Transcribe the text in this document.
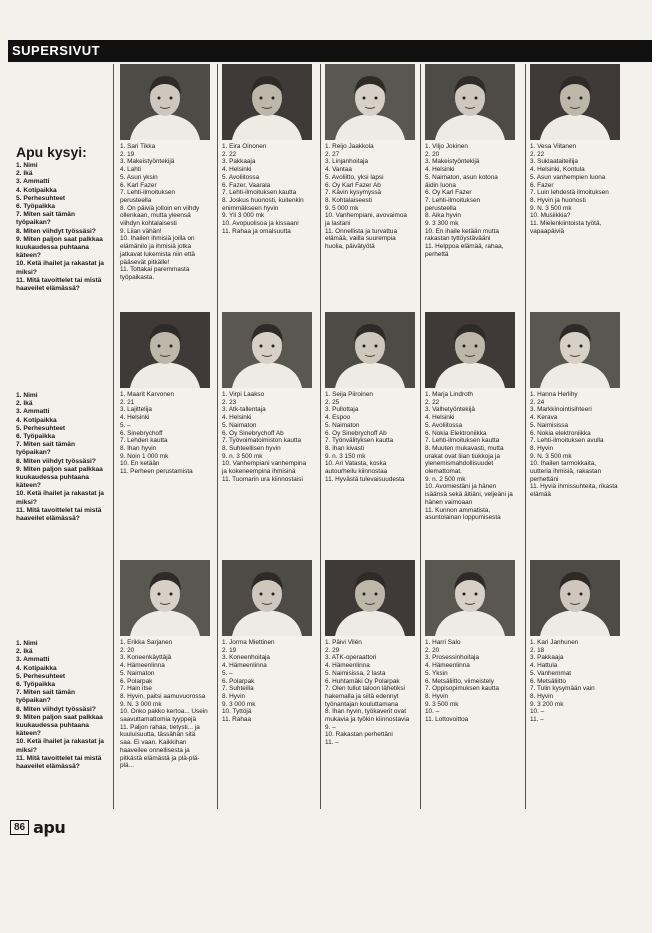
SUPERSIVUT
Apu kysyi:
1. Nimi
2. Ikä
3. Ammatti
4. Kotipaikka
5. Perhesuhteet
6. Työpaikka
7. Miten sait tämän työpaikan?
8. Miten viihdyt työssäsi?
9. Miten paljon saat palkkaa kuukaudessa puhtaana käteen?
10. Ketä ihailet ja rakastat ja miksi?
11. Mitä tavoittelet tai mistä haaveilet elämässä?
1. Nimi
2. Ikä
3. Ammatti
4. Kotipaikka
5. Perhesuhteet
6. Työpaikka
7. Miten sait tämän työpaikan?
8. Miten viihdyt työssäsi?
9. Miten paljon saat palkkaa kuukaudessa puhtaana käteen?
10. Ketä ihailet ja rakastat ja miksi?
11. Mitä tavoittelet tai mistä haaveilet elämässä?
1. Nimi
2. Ikä
3. Ammatti
4. Kotipaikka
5. Perhesuhteet
6. Työpaikka
7. Miten sait tämän työpaikan?
8. Miten viihdyt työssäsi?
9. Miten paljon saat palkkaa kuukaudessa puhtaana käteen?
10. Ketä ihailet ja rakastat ja miksi?
11. Mitä tavoittelet tai mistä haaveilet elämässä?
1. Sari Tikka
2. 19
3. Makeistyöntekijä
4. Lahti
5. Asun yksin
6. Karl Fazer
7. Lehti-ilmoituksen perusteella
8. On päiviä jolloin en viihdy ollenkaan, mutta yleensä viihdyn kohtalaisesti
9. Liian vähän!
10. Ihailen ihmisiä joilla on elämänilo ja ihmisiä jotka jatkavat lukemista niin että pääsevät pitkälle!
11. Tottakai paremmasta työpaikasta.
1. Eira Oinonen
2. 22
3. Pakkaaja
4. Helsinki
5. Avoliitossa
6. Fazer, Vaarala
7. Lehti-ilmoituksen kautta
8. Joskus huonosti, kuitenkin enimmäkseen hyvin
9. Yli 3 000 mk
10. Avopuolisoa ja kissaani
11. Rahaa ja omalsuutta
1. Reijo Jaakkola
2. 27
3. Linjanhoitaja
4. Vantaa
5. Avoliitto, yksi lapsi
6. Oy Karl Fazer Ab
7. Kävin kysymyssä
8. Kohtalaiseesti
9. 5 000 mk
10. Vanhempiani, avovaimoa ja lastani
11. Onnellista ja turvattua elämää, vailla suurempia huolia, päivätyötä
1. Viljo Jokinen
2. 20
3. Makeistyöntekijä
4. Helsinki
5. Naimaton, asun kotona äidin luona
6. Oy Karl Fazer
7. Lehti-ilmoituksen perusteella
8. Aika hyvin
9. 3 300 mk
10. En ihaile ketään mutta rakastan tyttöystävääni
11. Helppoa elämää, rahaa, perhettä
1. Vesa Viitanen
2. 22
3. Suklaataiteilija
4. Helsinki, Kontula
5. Asun vanhempien luona
6. Fazer
7. Luin lehdestä ilmoituksen
8. Hyvin ja huonosti
9. N. 3 500 mk
10. Musiikkia?
11. Mielenkiintoista työtä, vapaapäiviä
1. Maarit Karvonen
2. 21
3. Lajittelija
4. Helsinki
5. –
6. Sinebrychoff
7. Lehden kautta
8. Ihan hyvin
9. Noin 1 000 mk
10. En ketään
11. Perheen perustamista
1. Virpi Laakso
2. 23
3. Atk-tallentaja
4. Helsinki
5. Naimaton
6. Oy Sinebrychoff Ab
7. Työvoimatoimiston kautta
8. Suhteellisen hyvin
9. n. 3 500 mk
10. Vanhempiani vanhempina ja kokeneempina ihmisinä
11. Tuomarin ura kiinnostaisi
1. Seija Piiroinen
2. 25
3. Pullottaja
4. Espoo
5. Naimaton
6. Oy Sinebrychoff Ab
7. Työnvälityksen kautta
8. Ihan kivasti
9. n. 3 150 mk
10. Ari Vatasta, koska autourheilu kiinnostaa
11. Hyvästä tulevaisuudesta
1. Marja Lindroth
2. 22
3. Valhetyöntekijä
4. Helsinki
5. Avoliitossa
6. Nokia Elektroniikka
7. Lehti-ilmoituksen kautta
8. Muuten mukavasti, mutta urakat ovat liian tiukkoja ja ylenemismahdollisuudet olemattomat.
9. n. 2 500 mk
10. Avomiestäni ja hänen isäänsä sekä äitiäni, veljeäni ja hänen vaimoaan
11. Kunnon ammatista, asuntolainan loppumisesta
1. Hanna Herlihy
2. 24
3. Markkinointisihteeri
4. Kerava
5. Naimisissa
6. Nokia elektroniikka
7. Lehti-ilmoituksen avulla
8. Hyvin
9. N. 3 500 mk
10. Ihailen tarmokkaita, uutteria ihmisiä, rakastan perhettäni
11. Hyviä ihmissuhteita, rikasta elämää
1. Erikka Sarjanen
2. 20
3. Koneenkäyttäjä
4. Hämeenlinna
5. Naimaton
6. Polarpak
7. Hain itse
8. Hyvin, paitsi aamuvuorossa
9. N. 3 000 mk
10. Onko pakko kertoa... Usein saavuttamattomia tyyppejä
11. Paljon rahaa, tietysti... ja kuuluisuutta, tässähän sitä saa. Ei vaan. Kaikkihan haaveilee onnellisesta ja pitkästä elämästä ja plä-plä-plä...
1. Jorma Miettinen
2. 19
3. Koneenhoitaja
4. Hämeenlinna
5. –
6. Polarpak
7. Suhteilla
8. Hyvin
9. 3 000 mk
10. Tyttöjä
11. Rahaa
1. Päivi Vilén
2. 29
3. ATK-operaattori
4. Hämeenlinna
5. Naimisissa, 2 lasta
6. Huhtamäki Oy Polarpak
7. Olen tullut taloon lähetiksi hakemalla ja siitä edennyt työnantajan kouluttamana
8. Ihan hyvin, työkaverit ovat mukavia ja työkin kiinnostavia
9. –
10. Rakastan perhettäni
11. –
1. Harri Salo
2. 20
3. Prosessinhoitaja
4. Hämeenlinna
5. Yksin
6. Metsäliitto, viimeistely
7. Oppisopimuksen kautta
8. Hyvin
9. 3 500 mk
10. –
11. Lottovoittoa
1. Kari Janhunen
2. 18
3. Pakkaaja
4. Hattula
5. Vanhemmat
6. Metsäliitto
7. Tulin kysymään vain
8. Hyvin
9. 3 200 mk
10. –
11. –
86 apu
